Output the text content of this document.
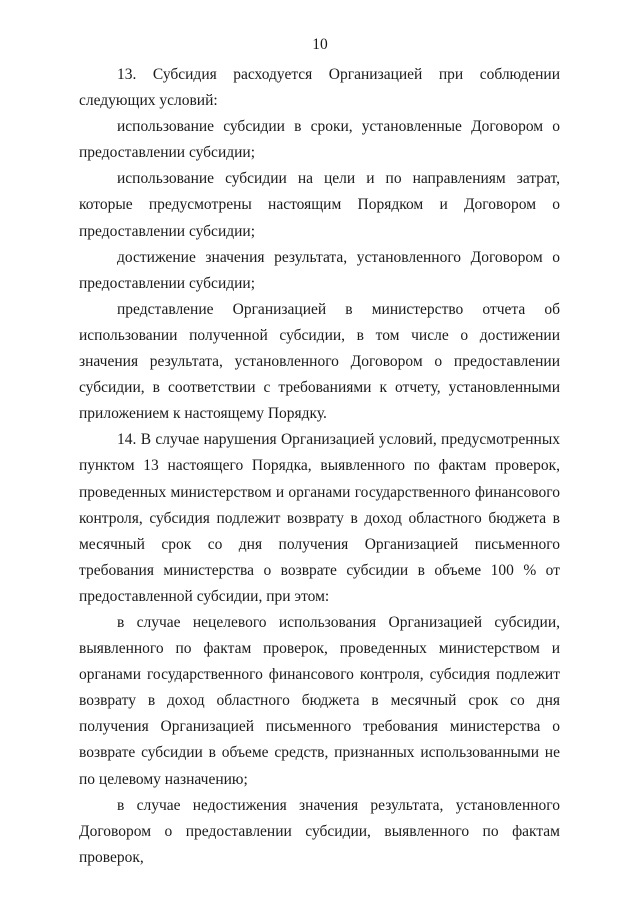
10

13. Субсидия расходуется Организацией при соблюдении следующих условий:

использование субсидии в сроки, установленные Договором о предоставлении субсидии;

использование субсидии на цели и по направлениям затрат, которые предусмотрены настоящим Порядком и Договором о предоставлении субсидии;

достижение значения результата, установленного Договором о предоставлении субсидии;

представление Организацией в министерство отчета об использовании полученной субсидии, в том числе о достижении значения результата, установленного Договором о предоставлении субсидии, в соответствии с требованиями к отчету, установленными приложением к настоящему Порядку.

14. В случае нарушения Организацией условий, предусмотренных пунктом 13 настоящего Порядка, выявленного по фактам проверок, проведенных министерством и органами государственного финансового контроля, субсидия подлежит возврату в доход областного бюджета в месячный срок со дня получения Организацией письменного требования министерства о возврате субсидии в объеме 100 % от предоставленной субсидии, при этом:

в случае нецелевого использования Организацией субсидии, выявленного по фактам проверок, проведенных министерством и органами государственного финансового контроля, субсидия подлежит возврату в доход областного бюджета в месячный срок со дня получения Организацией письменного требования министерства о возврате субсидии в объеме средств, признанных использованными не по целевому назначению;

в случае недостижения значения результата, установленного Договором о предоставлении субсидии, выявленного по фактам проверок,
